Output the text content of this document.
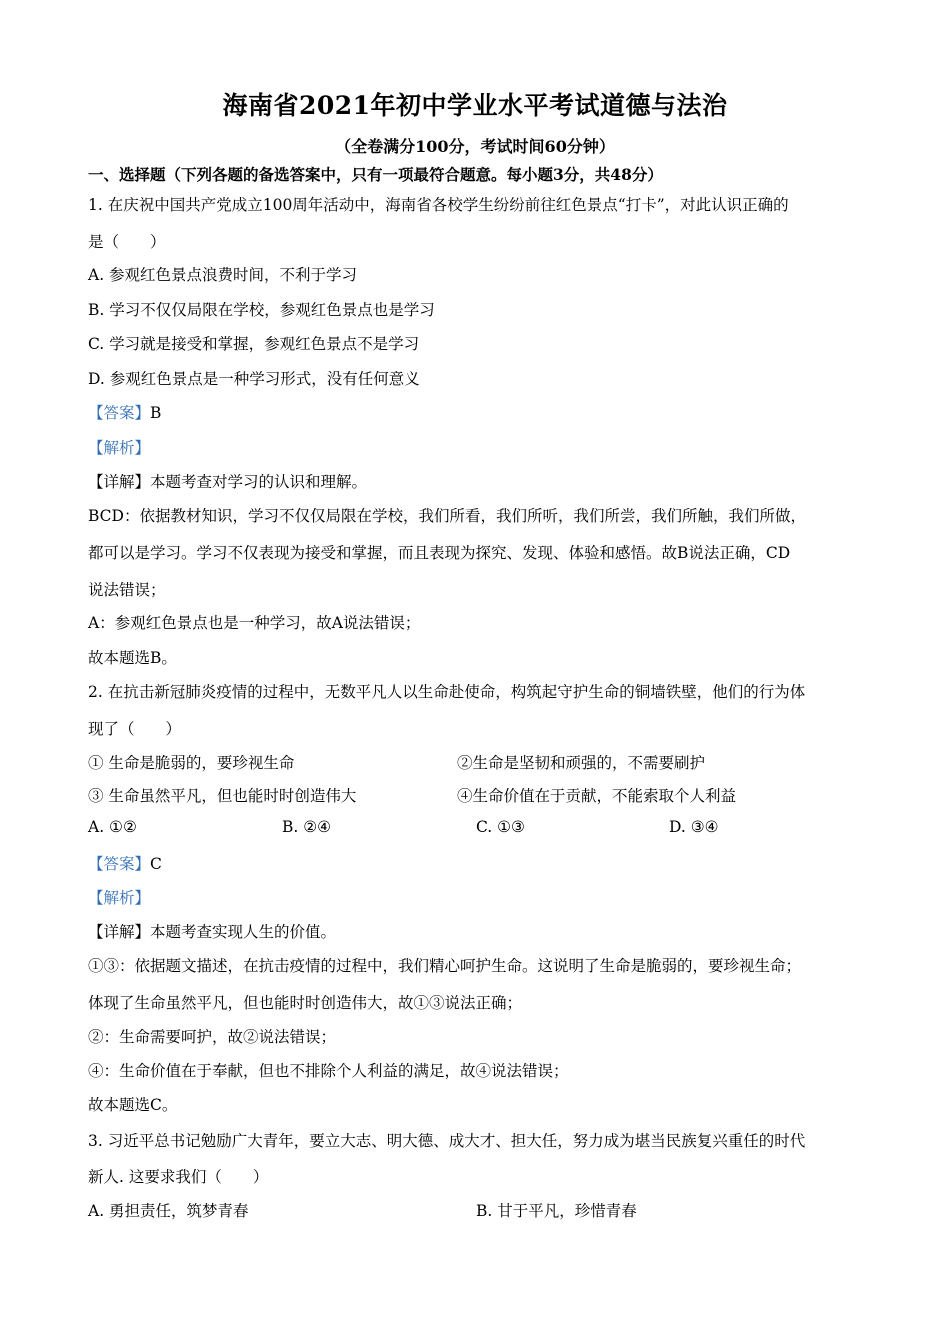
海南省2021年初中学业水平考试道德与法治
（全卷满分100分，考试时间60分钟）
一、选择题（下列各题的备选答案中，只有一项最符合题意。每小题3分，共48分）
1. 在庆祝中国共产党成立100周年活动中，海南省各校学生纷纷前往红色景点“打卡”，对此认识正确的
是（　　）
A. 参观红色景点浪费时间，不利于学习
B. 学习不仅仅局限在学校，参观红色景点也是学习
C. 学习就是接受和掌握，参观红色景点不是学习
D. 参观红色景点是一种学习形式，没有任何意义
【答案】B
【解析】
【详解】本题考查对学习的认识和理解。
BCD：依据教材知识，学习不仅仅局限在学校，我们所看，我们所听，我们所尝，我们所触，我们所做，
都可以是学习。学习不仅表现为接受和掌握，而且表现为探究、发现、体验和感悟。故B说法正确，CD
说法错误；
A：参观红色景点也是一种学习，故A说法错误；
故本题选B。
2. 在抗击新冠肺炎疫情的过程中，无数平凡人以生命赴使命，构筑起守护生命的铜墙铁壁，他们的行为体
现了（　　）
① 生命是脆弱的，要珍视生命	②生命是坚韧和顽强的，不需要刷护
③ 生命虽然平凡，但也能时时创造伟大	④生命价值在于贡献，不能索取个人利益
A. ①②	B. ②④	C. ①③	D. ③④
【答案】C
【解析】
【详解】本题考查实现人生的价值。
①③：依据题文描述，在抗击疫情的过程中，我们精心呵护生命。这说明了生命是脆弱的，要珍视生命；
体现了生命虽然平凡，但也能时时创造伟大，故①③说法正确；
②：生命需要呵护，故②说法错误；
④：生命价值在于奉献，但也不排除个人利益的满足，故④说法错误；
故本题选C。
3. 习近平总书记勉励广大青年，要立大志、明大德、成大才、担大任，努力成为堪当民族复兴重任的时代
新人. 这要求我们（　　）
A. 勇担责任，筑梦青春	B. 甘于平凡，珍惜青春
